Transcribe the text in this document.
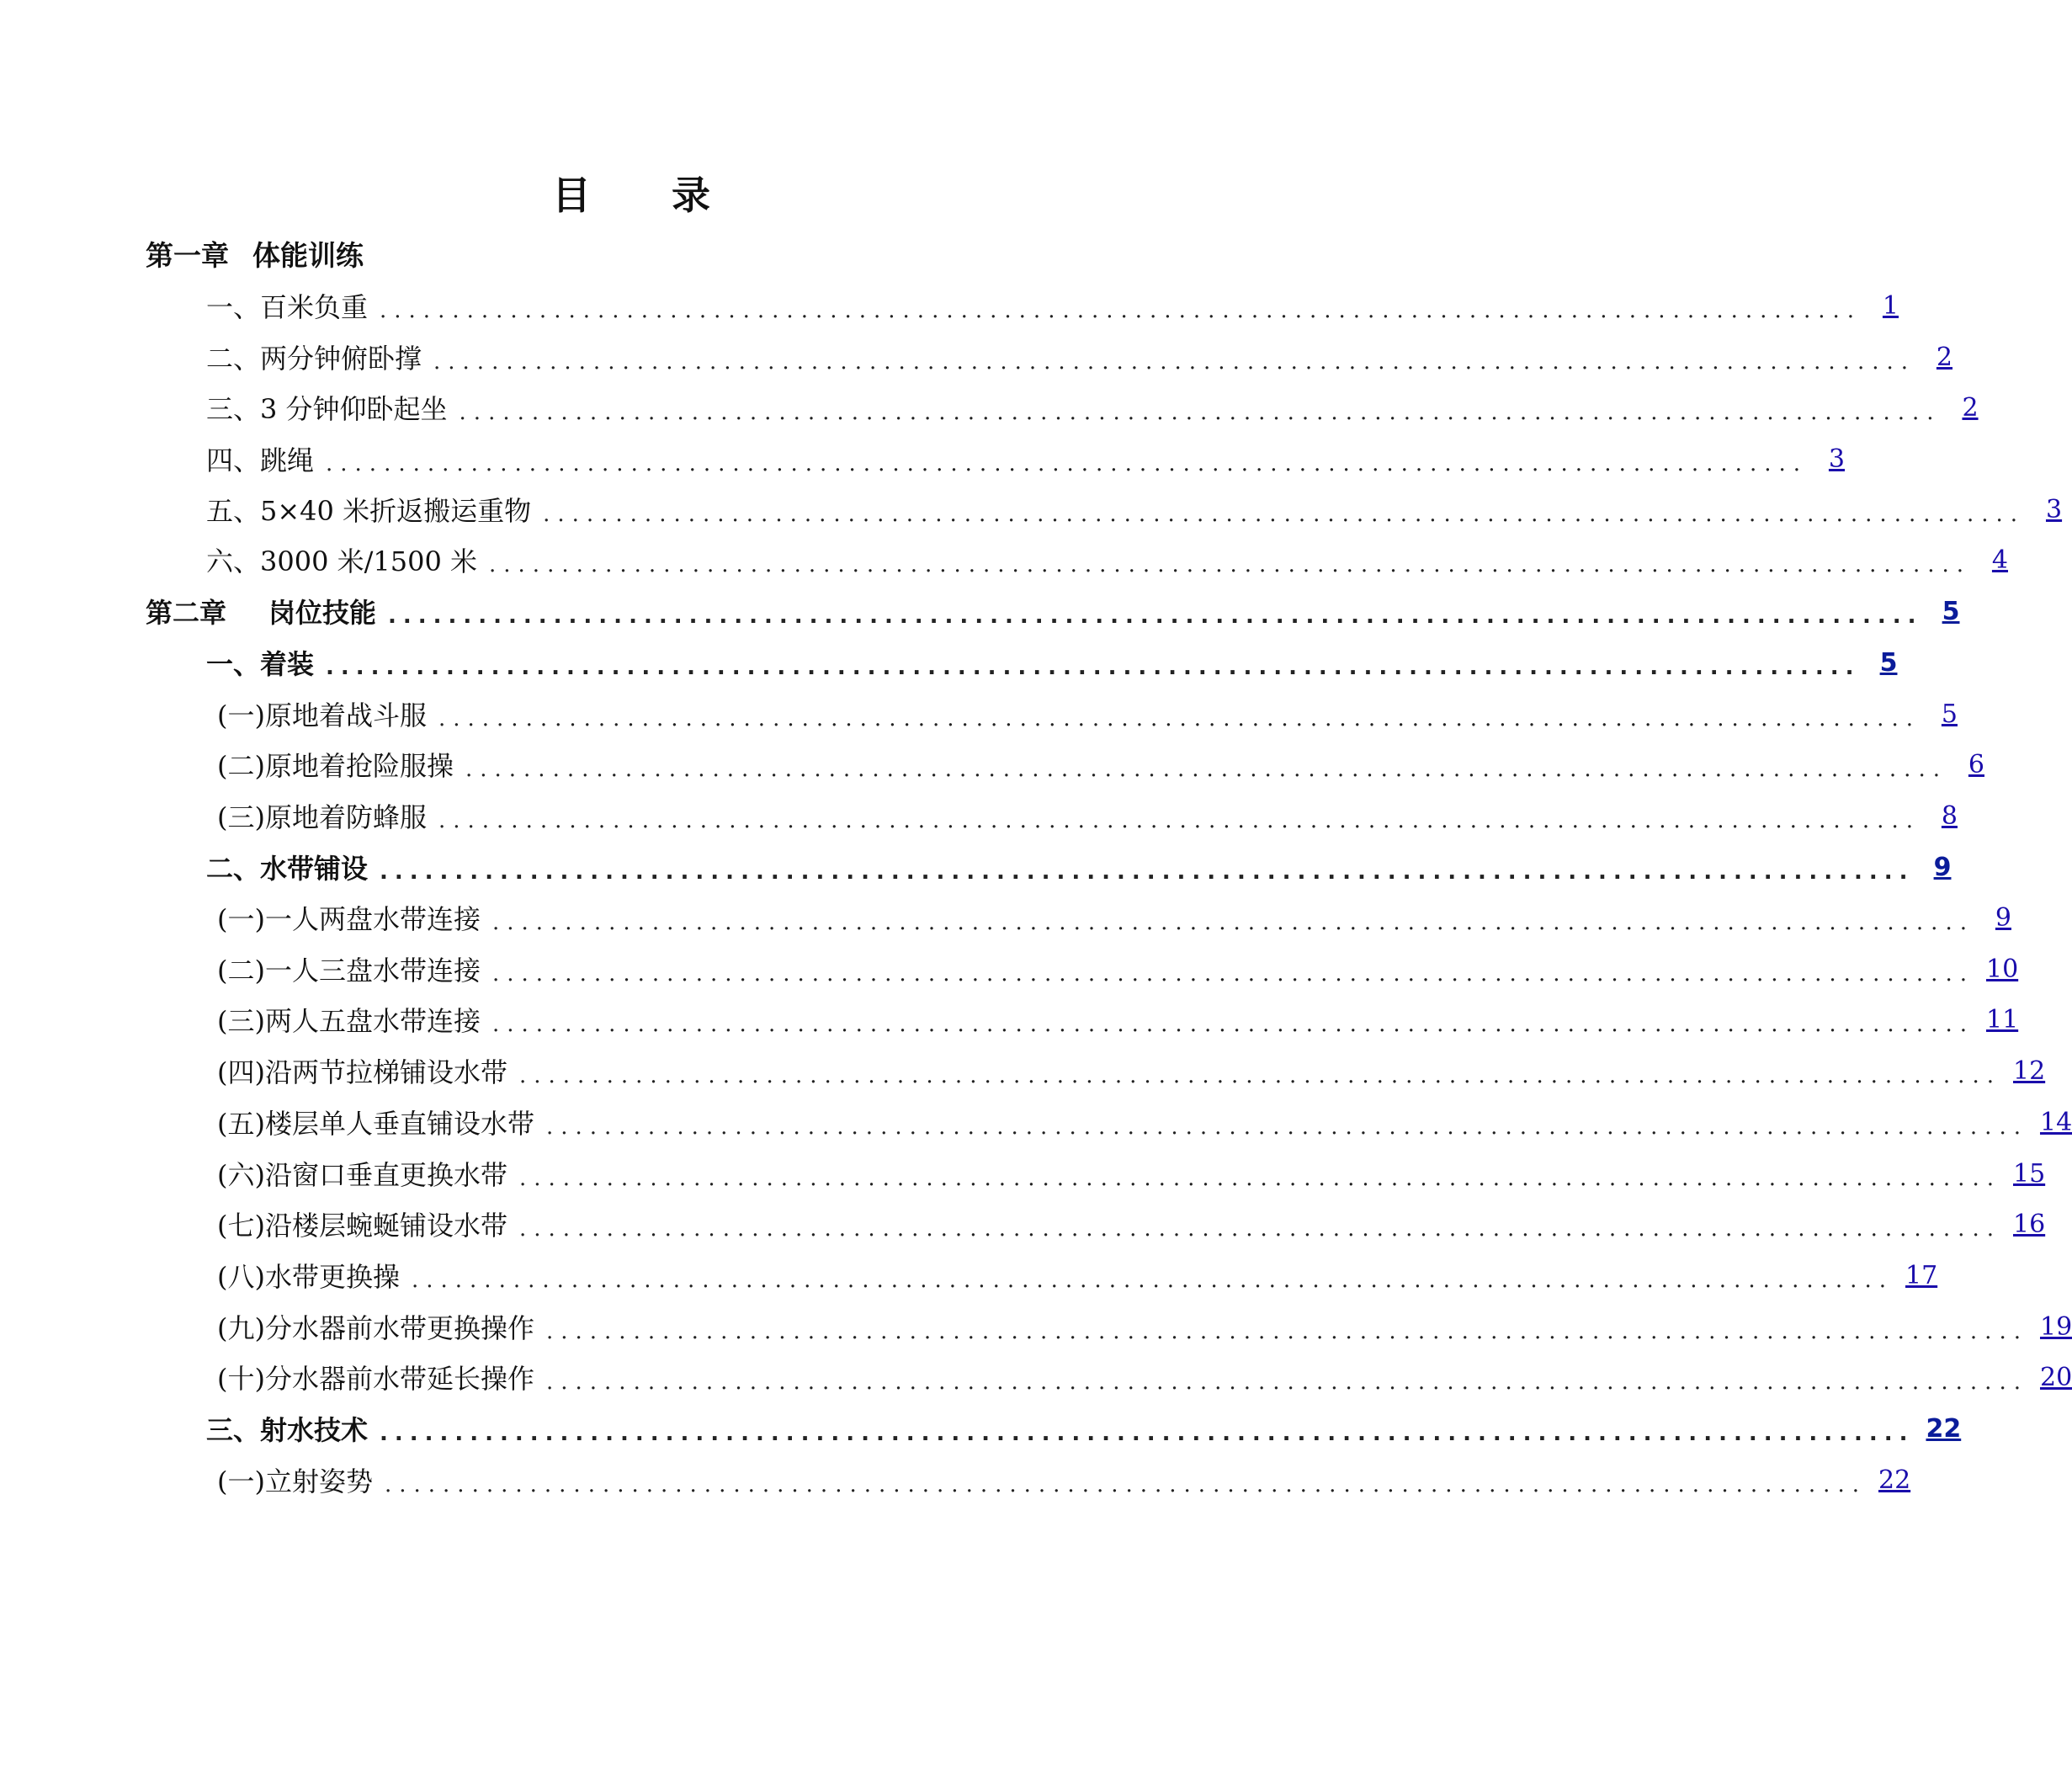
目 录
第一章 体能训练
一、百米负重 ...................................................................................................... 1
二、两分钟俯卧撑 ...................................................................................................... 2
三、3 分钟仰卧起坐 ...................................................................................................... 2
四、跳绳 ...................................................................................................... 3
五、5×40 米折返搬运重物 ...................................................................................................... 3
六、3000 米/1500 米 ...................................................................................................... 4
第二章 岗位技能 ...................................................................................................... 5
一、着装 ...................................................................................................... 5
(一)原地着战斗服 ...................................................................................................... 5
(二)原地着抢险服操 ...................................................................................................... 6
(三)原地着防蜂服 ...................................................................................................... 8
二、水带铺设 ...................................................................................................... 9
(一)一人两盘水带连接 ...................................................................................................... 9
(二)一人三盘水带连接 ...................................................................................................... 10
(三)两人五盘水带连接 ...................................................................................................... 11
(四)沿两节拉梯铺设水带 ...................................................................................................... 12
(五)楼层单人垂直铺设水带 ...................................................................................................... 14
(六)沿窗口垂直更换水带 ...................................................................................................... 15
(七)沿楼层蜿蜒铺设水带 ...................................................................................................... 16
(八)水带更换操 ...................................................................................................... 17
(九)分水器前水带更换操作 ...................................................................................................... 19
(十)分水器前水带延长操作 ...................................................................................................... 20
三、射水技术 ...................................................................................................... 22
(一)立射姿势 ...................................................................................................... 22
